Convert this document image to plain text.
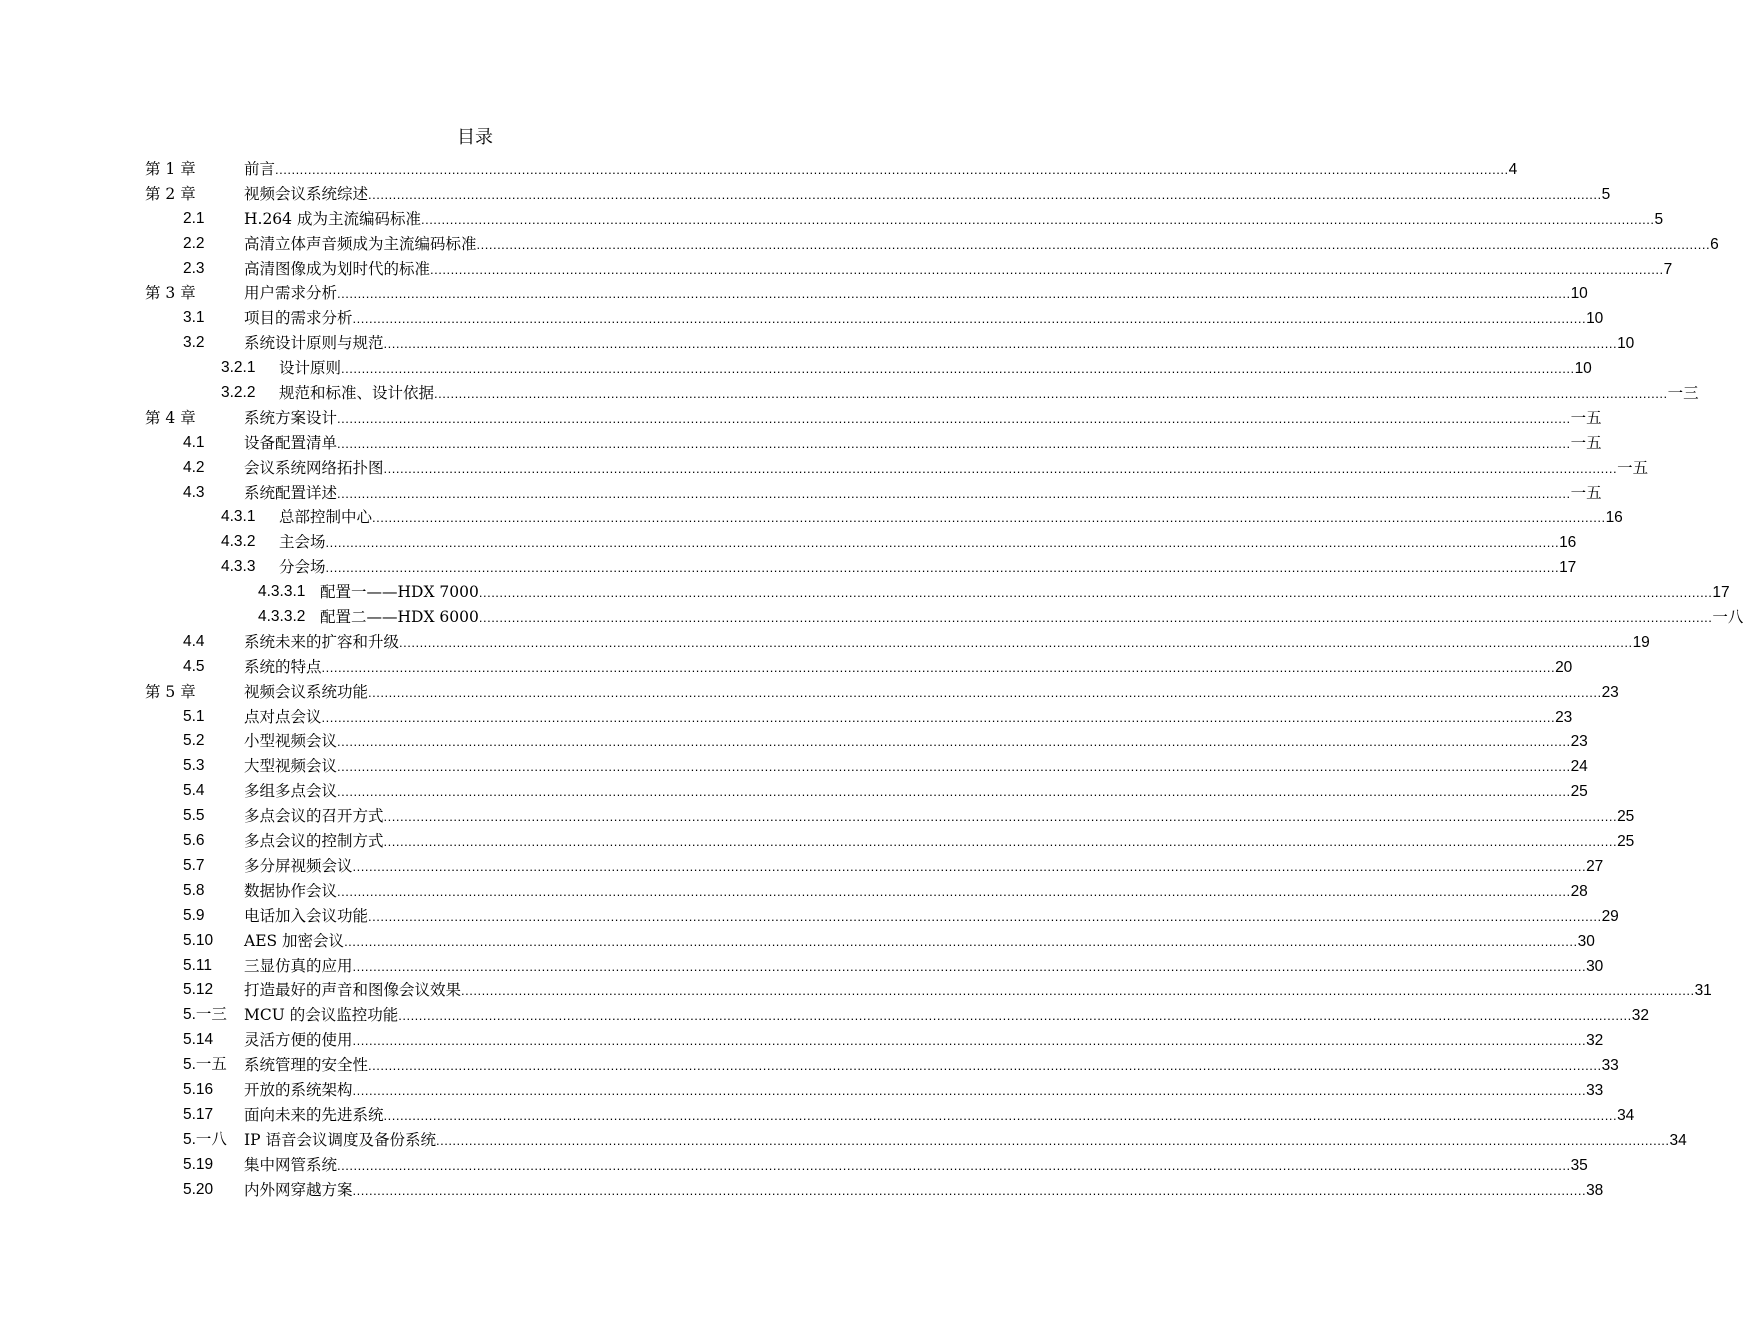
目录
第 1 章	前言 ............................................................................................................................................................................................................................................................................................................ 4
第 2 章	视频会议系统综述 ............................................................................................................................................................................................................................................................................................................ 5
2.1	H.264 成为主流编码标准 ............................................................................................................................................................................................................................................................................................................ 5
2.2	高清立体声音频成为主流编码标准 ............................................................................................................................................................................................................................................................................................................ 6
2.3	高清图像成为划时代的标准 ............................................................................................................................................................................................................................................................................................................ 7
第 3 章	用户需求分析 ............................................................................................................................................................................................................................................................................................................ 10
3.1	项目的需求分析 ............................................................................................................................................................................................................................................................................................................ 10
3.2	系统设计原则与规范 ............................................................................................................................................................................................................................................................................................................ 10
3.2.1 设计原则 ............................................................................................................................................................................................................................................................................................................ 10
3.2.2 规范和标准、设计依据 ............................................................................................................................................................................................................................................................................................................ 一三
第 4 章	系统方案设计 ............................................................................................................................................................................................................................................................................................................ 一五
4.1	设备配置清单 ............................................................................................................................................................................................................................................................................................................ 一五
4.2	会议系统网络拓扑图 ............................................................................................................................................................................................................................................................................................................ 一五
4.3	系统配置详述 ............................................................................................................................................................................................................................................................................................................ 一五
4.3.1 总部控制中心 ............................................................................................................................................................................................................................................................................................................ 16
4.3.2 主会场 ............................................................................................................................................................................................................................................................................................................ 16
4.3.3 分会场 ............................................................................................................................................................................................................................................................................................................ 17
4.3.3.1 配置一——HDX 7000 ............................................................................................................................................................................................................................................................................................................ 17
4.3.3.2 配置二——HDX 6000 ............................................................................................................................................................................................................................................................................................................ 一八
4.4	系统未来的扩容和升级 ............................................................................................................................................................................................................................................................................................................ 19
4.5	系统的特点 ............................................................................................................................................................................................................................................................................................................ 20
第 5 章	视频会议系统功能 ............................................................................................................................................................................................................................................................................................................ 23
5.1	点对点会议 ............................................................................................................................................................................................................................................................................................................ 23
5.2	小型视频会议 ............................................................................................................................................................................................................................................................................................................ 23
5.3	大型视频会议 ............................................................................................................................................................................................................................................................................................................ 24
5.4	多组多点会议 ............................................................................................................................................................................................................................................................................................................ 25
5.5	多点会议的召开方式 ............................................................................................................................................................................................................................................................................................................ 25
5.6	多点会议的控制方式 ............................................................................................................................................................................................................................................................................................................ 25
5.7	多分屏视频会议 ............................................................................................................................................................................................................................................................................................................ 27
5.8	数据协作会议 ............................................................................................................................................................................................................................................................................................................ 28
5.9	电话加入会议功能 ............................................................................................................................................................................................................................................................................................................ 29
5.10 AES 加密会议 ............................................................................................................................................................................................................................................................................................................ 30
5.11 三显仿真的应用 ............................................................................................................................................................................................................................................................................................................ 30
5.12 打造最好的声音和图像会议效果 ............................................................................................................................................................................................................................................................................................................ 31
5.一三 MCU 的会议监控功能 ............................................................................................................................................................................................................................................................................................................ 32
5.14 灵活方便的使用 ............................................................................................................................................................................................................................................................................................................ 32
5.一五 系统管理的安全性 ............................................................................................................................................................................................................................................................................................................ 33
5.16 开放的系统架构 ............................................................................................................................................................................................................................................................................................................ 33
5.17 面向未来的先进系统 ............................................................................................................................................................................................................................................................................................................ 34
5.一八 IP 语音会议调度及备份系统 ............................................................................................................................................................................................................................................................................................................ 34
5.19 集中网管系统 ............................................................................................................................................................................................................................................................................................................ 35
5.20 内外网穿越方案 ............................................................................................................................................................................................................................................................................................................ 38
